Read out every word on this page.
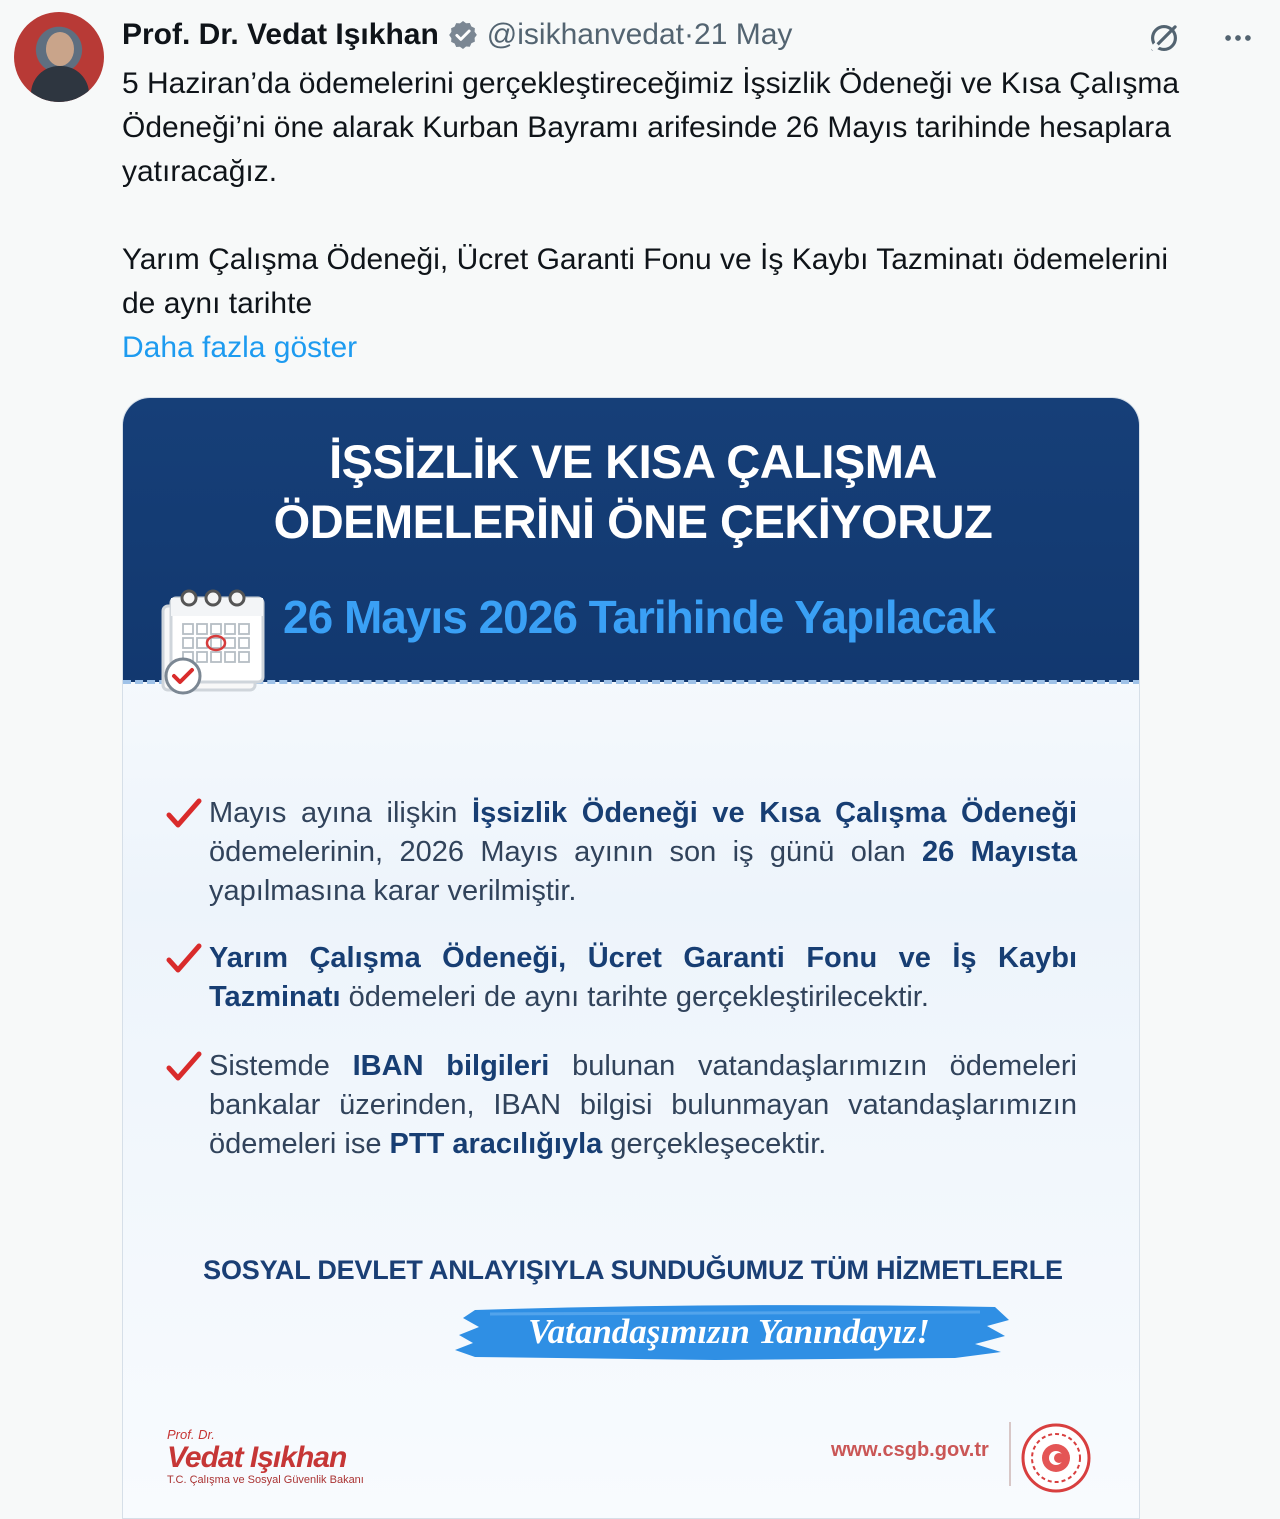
Prof. Dr. Vedat Işıkhan @isikhanvedat · 21 May

5 Haziran’da ödemelerini gerçekleştireceğimiz İşsizlik Ödeneği ve Kısa Çalışma Ödeneği’ni öne alarak Kurban Bayramı arifesinde 26 Mayıs tarihinde hesaplara yatıracağız.

Yarım Çalışma Ödeneği, Ücret Garanti Fonu ve İş Kaybı Tazminatı ödemelerini de aynı tarihte

Daha fazla göster
İŞSİZLİK VE KISA ÇALIŞMA
ÖDEMELERİNİ ÖNE ÇEKİYORUZ
26 Mayıs 2026 Tarihinde Yapılacak
Mayıs ayına ilişkin İşsizlik Ödeneği ve Kısa Çalışma Ödeneği ödemelerinin, 2026 Mayıs ayının son iş günü olan 26 Mayısta yapılmasına karar verilmiştir.
Yarım Çalışma Ödeneği, Ücret Garanti Fonu ve İş Kaybı Tazminatı ödemeleri de aynı tarihte gerçekleştirilecektir.
Sistemde IBAN bilgileri bulunan vatandaşlarımızın ödemeleri bankalar üzerinden, IBAN bilgisi bulunmayan vatandaşlarımızın ödemeleri ise PTT aracılığıyla gerçekleşecektir.
SOSYAL DEVLET ANLAYIŞIYLA SUNDUĞUMUZ TÜM HİZMETLERLE
Vatandaşımızın Yanındayız!
Prof. Dr.
Vedat Işıkhan
T.C. Çalışma ve Sosyal Güvenlik Bakanı
www.csgb.gov.tr
